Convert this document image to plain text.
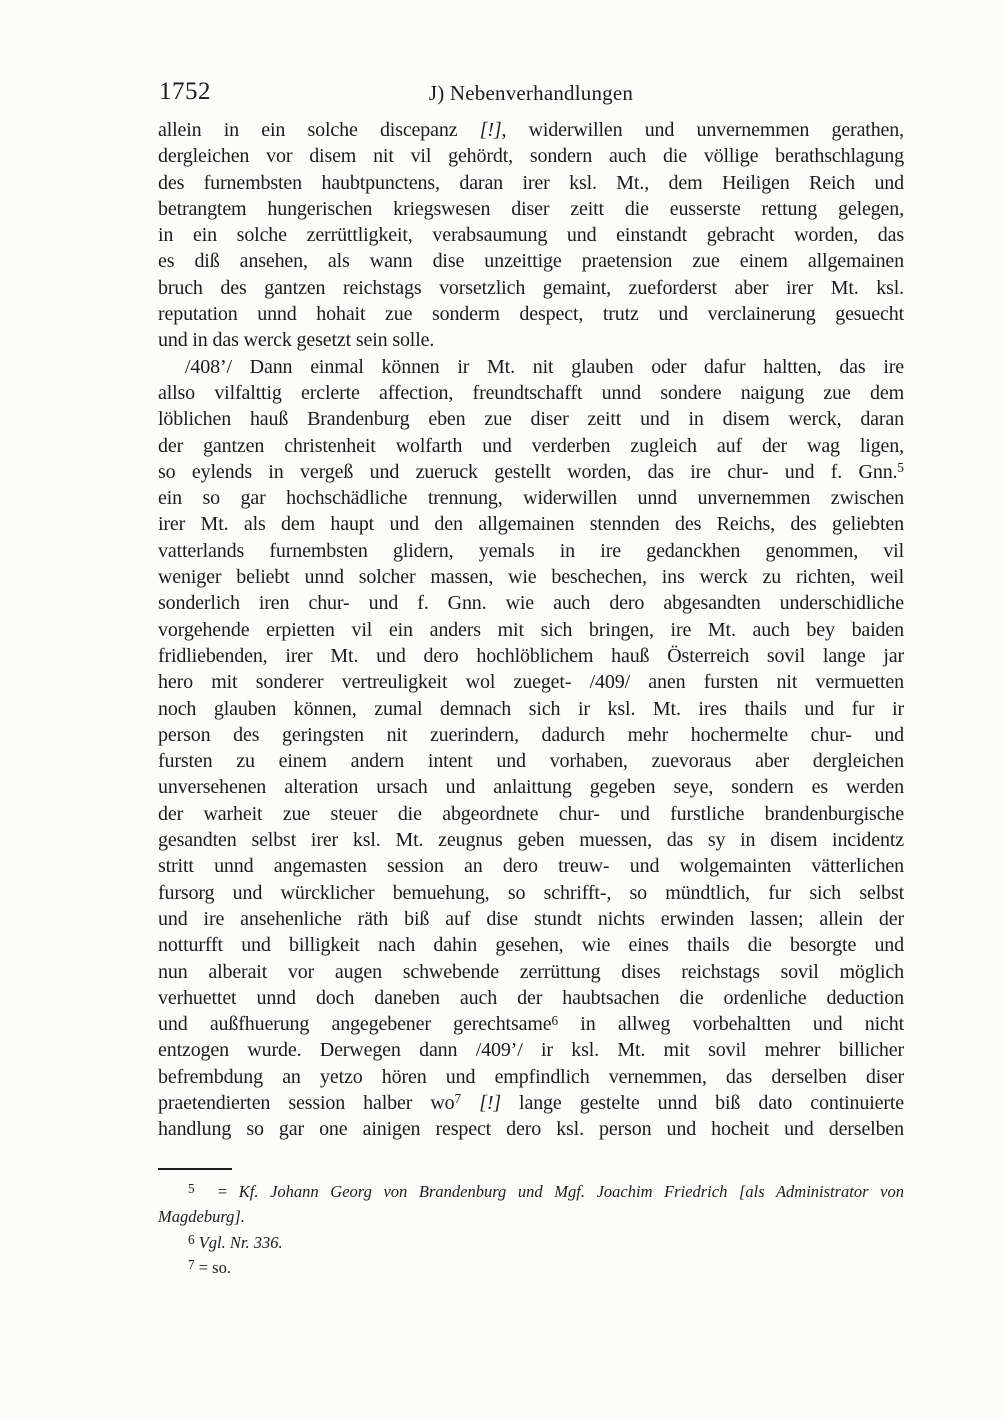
1752	J) Nebenverhandlungen
allein in ein solche discepanz [!], widerwillen und unvernemmen gerathen,
dergleichen vor disem nit vil gehördt, sondern auch die völlige berathschlagung
des furnembsten haubtpunctens, daran irer ksl. Mt., dem Heiligen Reich und
betrangtem hungerischen kriegswesen diser zeitt die eusserste rettung gelegen,
in ein solche zerrüttligkeit, verabsaumung und einstandt gebracht worden, das
es diß ansehen, als wann dise unzeittige praetension zue einem allgemainen
bruch des gantzen reichstags vorsetzlich gemaint, zueforderst aber irer Mt. ksl.
reputation unnd hohait zue sonderm despect, trutz und verclainerung gesuecht
und in das werck gesetzt sein solle.
/408’/ Dann einmal können ir Mt. nit glauben oder dafur haltten, das ire
allso vilfalttig erclerte affection, freundtschafft unnd sondere naigung zue dem
löblichen hauß Brandenburg eben zue diser zeitt und in disem werck, daran
der gantzen christenheit wolfarth und verderben zugleich auf der wag ligen,
so eylends in vergeß und zueruck gestellt worden, das ire chur- und f. Gnn.$^5$
ein so gar hochschädliche trennung, widerwillen unnd unvernemmen zwischen
irer Mt. als dem haupt und den allgemainen stennden des Reichs, des geliebten
vatterlands furnembsten glidern, yemals in ire gedanckhen genommen, vil
weniger beliebt unnd solcher massen, wie beschechen, ins werck zu richten, weil
sonderlich iren chur- und f. Gnn. wie auch dero abgesandten underschidliche
vorgehende erpietten vil ein anders mit sich bringen, ire Mt. auch bey baiden
fridliebenden, irer Mt. und dero hochlöblichem hauß Österreich sovil lange jar
hero mit sonderer vertreuligkeit wol zueget- /409/ anen fursten nit vermuetten
noch glauben können, zumal demnach sich ir ksl. Mt. ires thails und fur ir
person des geringsten nit zuerindern, dadurch mehr hochermelte chur- und
fursten zu einem andern intent und vorhaben, zuevoraus aber dergleichen
unversehenen alteration ursach und anlaittung gegeben seye, sondern es werden
der warheit zue steuer die abgeordnete chur- und furstliche brandenburgische
gesandten selbst irer ksl. Mt. zeugnus geben muessen, das sy in disem incidentz
stritt unnd angemasten session an dero treuw- und wolgemainten vätterlichen
fursorg und würcklicher bemuehung, so schrifft-, so mündtlich, fur sich selbst
und ire ansehenliche räth biß auf dise stundt nichts erwinden lassen; allein der
notturfft und billigkeit nach dahin gesehen, wie eines thails die besorgte und
nun alberait vor augen schwebende zerrüttung dises reichstags sovil möglich
verhuettet unnd doch daneben auch der haubtsachen die ordenliche deduction
und außfhuerung angegebener gerechtsame$^6$ in allweg vorbehaltten und nicht
entzogen wurde. Derwegen dann /409’/ ir ksl. Mt. mit sovil mehrer billicher
befrembdung an yetzo hören und empfindlich vernemmen, das derselben diser
praetendierten session halber $wo^7$ [!] lange gestelte unnd biß dato continuierte
handlung so gar one ainigen respect dero ksl. person und hocheit und derselben
$^5$  = Kf. Johann Georg von Brandenburg und Mgf. Joachim Friedrich [als Administrator von
Magdeburg].
$^6$ Vgl. Nr. 336.
$^7$ = so.
